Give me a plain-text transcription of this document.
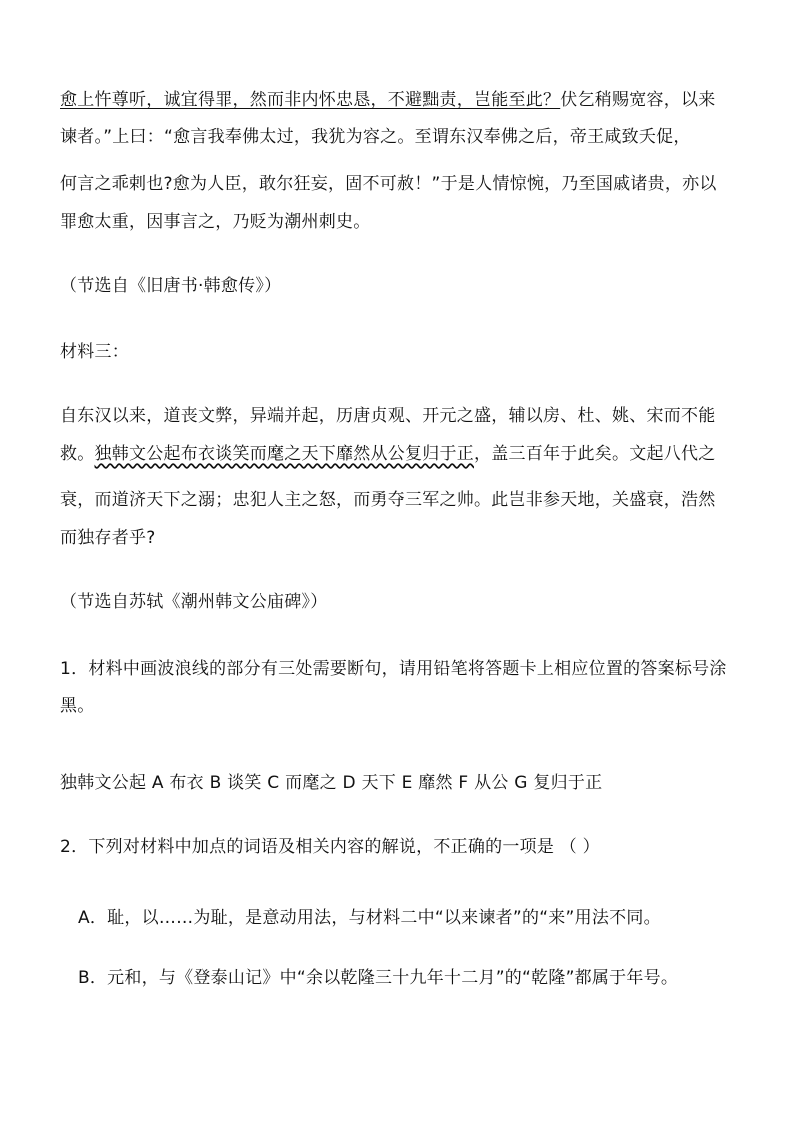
愈上忤尊听，诚宜得罪，然而非内怀忠恳，不避黜责，岂能至此？伏乞稍赐宽容，以来
谏者。”上曰：“愈言我奉佛太过，我犹为容之。至谓东汉奉佛之后，帝王咸致夭促，
何言之乖剌也?愈为人臣，敢尔狂妄，固不可赦！”于是人情惊惋，乃至国戚诸贵，亦以
罪愈太重，因事言之，乃贬为潮州刺史。
（节选自《旧唐书·韩愈传》）
材料三：
自东汉以来，道丧文弊，异端并起，历唐贞观、开元之盛，辅以房、杜、姚、宋而不能
救。独韩文公起布衣谈笑而麾之天下靡然从公复归于正，盖三百年于此矣。文起八代之
衰，而道济天下之溺；忠犯人主之怒，而勇夺三军之帅。此岂非参天地，关盛衰，浩然
而独存者乎?
（节选自苏轼《潮州韩文公庙碑》）
1．材料中画波浪线的部分有三处需要断句，请用铅笔将答题卡上相应位置的答案标号涂
黑。
独韩文公起 A 布衣 B 谈笑 C 而麾之 D 天下 E 靡然 F 从公 G 复归于正
2．下列对材料中加点的词语及相关内容的解说，不正确的一项是 （ ）
A．耻，以……为耻，是意动用法，与材料二中“以来谏者”的“来”用法不同。
B．元和，与《登泰山记》中“余以乾隆三十九年十二月”的“乾隆”都属于年号。
